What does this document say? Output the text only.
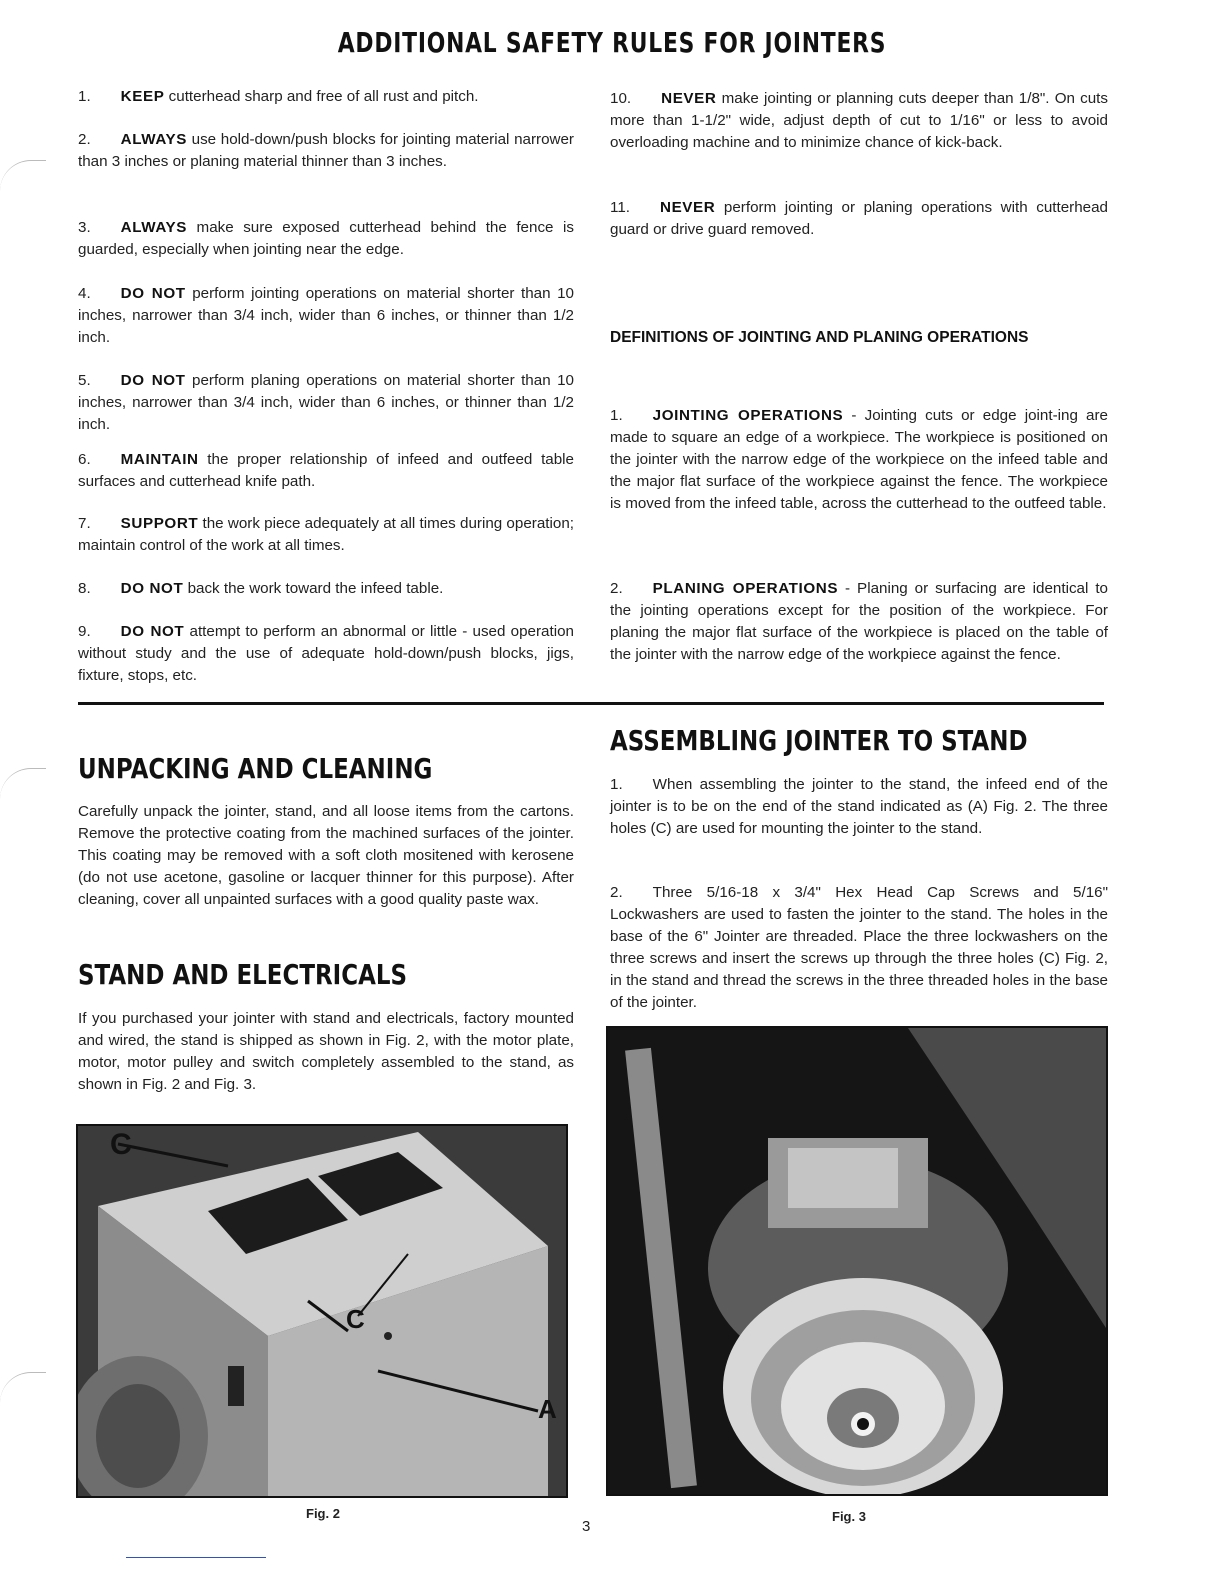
ADDITIONAL SAFETY RULES FOR JOINTERS
1. KEEP cutterhead sharp and free of all rust and pitch.
2. ALWAYS use hold-down/push blocks for jointing material narrower than 3 inches or planing material thinner than 3 inches.
3. ALWAYS make sure exposed cutterhead behind the fence is guarded, especially when jointing near the edge.
4. DO NOT perform jointing operations on material shorter than 10 inches, narrower than 3/4 inch, wider than 6 inches, or thinner than 1/2 inch.
5. DO NOT perform planing operations on material shorter than 10 inches, narrower than 3/4 inch, wider than 6 inches, or thinner than 1/2 inch.
6. MAINTAIN the proper relationship of infeed and outfeed table surfaces and cutterhead knife path.
7. SUPPORT the work piece adequately at all times during operation; maintain control of the work at all times.
8. DO NOT back the work toward the infeed table.
9. DO NOT attempt to perform an abnormal or little - used operation without study and the use of adequate hold-down/push blocks, jigs, fixture, stops, etc.
10. NEVER make jointing or planning cuts deeper than 1/8". On cuts more than 1-1/2" wide, adjust depth of cut to 1/16" or less to avoid overloading machine and to minimize chance of kick-back.
11. NEVER perform jointing or planing operations with cutterhead guard or drive guard removed.
DEFINITIONS OF JOINTING AND PLANING OPERATIONS
1. JOINTING OPERATIONS - Jointing cuts or edge joint-ing are made to square an edge of a workpiece. The workpiece is positioned on the jointer with the narrow edge of the workpiece on the infeed table and the major flat surface of the workpiece against the fence. The workpiece is moved from the infeed table, across the cutterhead to the outfeed table.
2. PLANING OPERATIONS - Planing or surfacing are identical to the jointing operations except for the position of the workpiece. For planing the major flat surface of the workpiece is placed on the table of the jointer with the narrow edge of the workpiece against the fence.
UNPACKING AND CLEANING
Carefully unpack the jointer, stand, and all loose items from the cartons. Remove the protective coating from the machined surfaces of the jointer. This coating may be removed with a soft cloth mositened with kerosene (do not use acetone, gasoline or lacquer thinner for this purpose). After cleaning, cover all unpainted surfaces with a good quality paste wax.
STAND AND ELECTRICALS
If you purchased your jointer with stand and electricals, factory mounted and wired, the stand is shipped as shown in Fig. 2, with the motor plate, motor, motor pulley and switch completely assembled to the stand, as shown in Fig. 2 and Fig. 3.
C
C
A
Fig. 2
ASSEMBLING JOINTER TO STAND
1. When assembling the jointer to the stand, the infeed end of the jointer is to be on the end of the stand indicated as (A) Fig. 2. The three holes (C) are used for mounting the jointer to the stand.
2. Three 5/16-18 x 3/4" Hex Head Cap Screws and 5/16" Lockwashers are used to fasten the jointer to the stand. The holes in the base of the 6" Jointer are threaded. Place the three lockwashers on the three screws and insert the screws up through the three holes (C) Fig. 2, in the stand and thread the screws in the three threaded holes in the base of the jointer.
Fig. 3
3
